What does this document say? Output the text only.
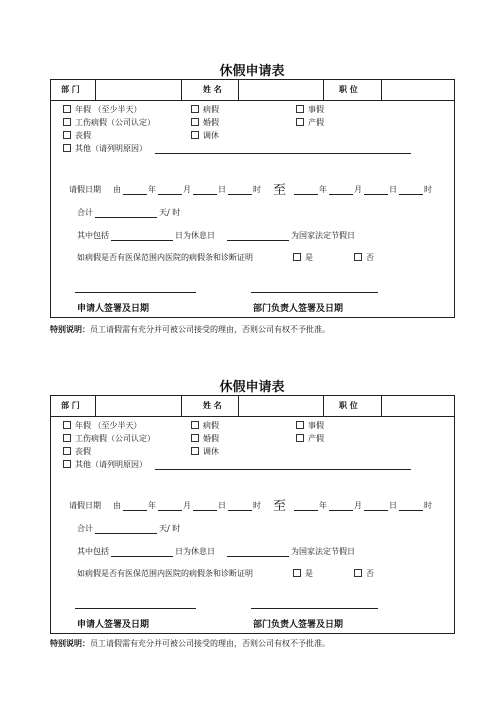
休假申请表
部 门	姓 名	职 位
年假 （至少半天）	病假	事假
工伤病假（公司认定）	婚假	产假
丧假	调休
其他（请列明原因）
请假日期 由	年	月	日	时 至	年	月	日	时
合计	天/ 时
其中包括	日为休息日	为国家法定节假日
如病假是否有医保范围内医院的病假条和诊断证明	是	否
申请人签署及日期	部门负责人签署及日期
特别说明：员工请假需有充分并可被公司接受的理由，否则公司有权不予批准。
休假申请表
部 门	姓 名	职 位
年假 （至少半天）	病假	事假
工伤病假（公司认定）	婚假	产假
丧假	调休
其他（请列明原因）
请假日期 由	年	月	日	时 至	年	月	日	时
合计	天/ 时
其中包括	日为休息日	为国家法定节假日
如病假是否有医保范围内医院的病假条和诊断证明	是	否
申请人签署及日期	部门负责人签署及日期
特别说明：员工请假需有充分并可被公司接受的理由，否则公司有权不予批准。
